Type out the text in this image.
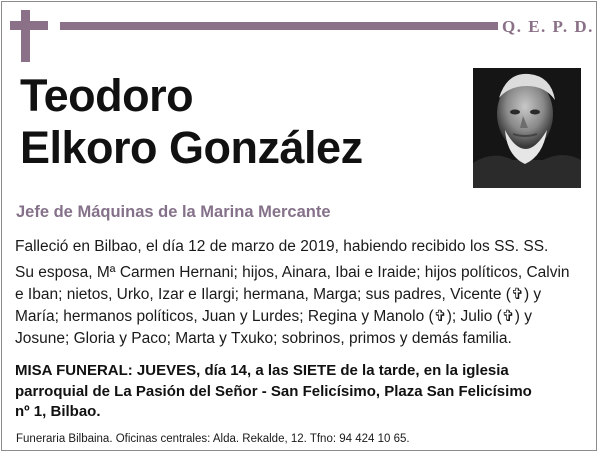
Q. E. P. D.
Teodoro
Elkoro González
Jefe de Máquinas de la Marina Mercante
Falleció en Bilbao, el día 12 de marzo de 2019, habiendo recibido los SS. SS.
Su esposa, Mª Carmen Hernani; hijos, Ainara, Ibai e Iraide; hijos políticos, Calvin
e Iban; nietos, Urko, Izar e Ilargi; hermana, Marga; sus padres, Vicente (✞) y
María; hermanos políticos, Juan y Lurdes; Regina y Manolo (✞); Julio (✞) y
Josune; Gloria y Paco; Marta y Txuko; sobrinos, primos y demás familia.
MISA FUNERAL: JUEVES, día 14, a las SIETE de la tarde, en la iglesia
parroquial de La Pasión del Señor - San Felicísimo, Plaza San Felicísimo
nº 1, Bilbao.
Funeraria Bilbaina. Oficinas centrales: Alda. Rekalde, 12. Tfno: 94 424 10 65.
